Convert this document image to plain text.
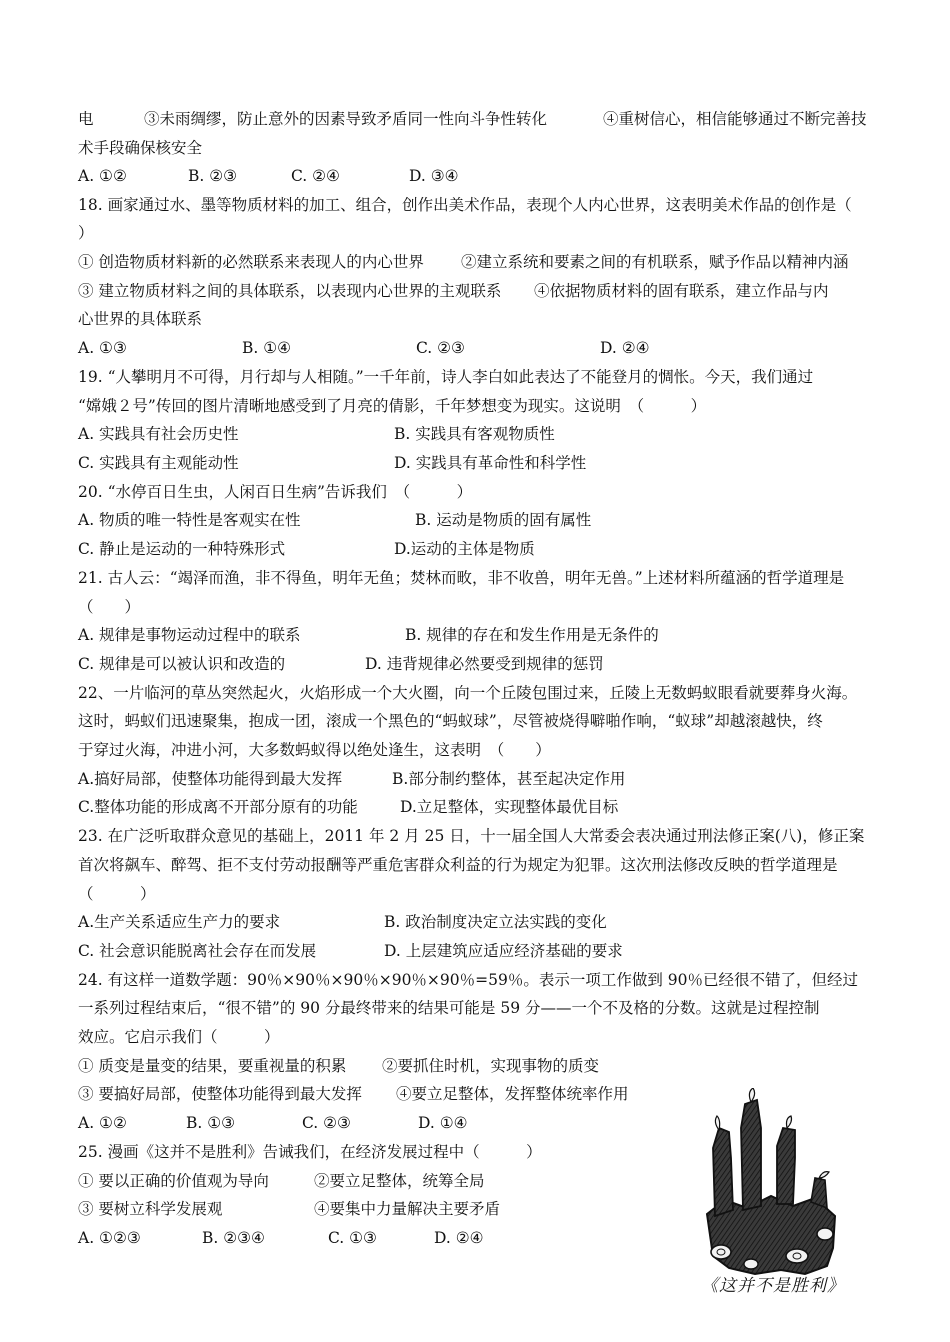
电	③未雨绸缪，防止意外的因素导致矛盾同一性向斗争性转化	④重树信心，相信能够通过不断完善技
术手段确保核安全
A. ①②	B. ②③	C. ②④	D. ③④
18. 画家通过水、墨等物质材料的加工、组合，创作出美术作品，表现个人内心世界，这表明美术作品的创作是（
）
① 创造物质材料新的必然联系来表现人的内心世界 ②建立系统和要素之间的有机联系，赋予作品以精神内涵
③ 建立物质材料之间的具体联系，以表现内心世界的主观联系 ④依据物质材料的固有联系，建立作品与内
心世界的具体联系
A. ①③	B. ①④	C. ②③	D. ②④
19. “人攀明月不可得，月行却与人相随。”一千年前，诗人李白如此表达了不能登月的惆怅。今天，我们通过
“嫦娥２号”传回的图片清晰地感受到了月亮的倩影，千年梦想变为现实。这说明　（　　　）
A. 实践具有社会历史性	B. 实践具有客观物质性
C. 实践具有主观能动性	D. 实践具有革命性和科学性
20. “水停百日生虫，人闲百日生病”告诉我们　（　　　）
A. 物质的唯一特性是客观实在性	B. 运动是物质的固有属性
C. 静止是运动的一种特殊形式	D.运动的主体是物质
21. 古人云：“竭泽而渔，非不得鱼，明年无鱼；焚林而畋，非不收兽，明年无兽。”上述材料所蕴涵的哲学道理是
（　　）
A. 规律是事物运动过程中的联系	B. 规律的存在和发生作用是无条件的
C. 规律是可以被认识和改造的	D. 违背规律必然要受到规律的惩罚
22、一片临河的草丛突然起火，火焰形成一个大火圈，向一个丘陵包围过来，丘陵上无数蚂蚁眼看就要葬身火海。
这时，蚂蚁们迅速聚集，抱成一团，滚成一个黑色的“蚂蚁球”，尽管被烧得噼啪作响，“蚁球”却越滚越快，终
于穿过火海，冲进小河，大多数蚂蚁得以绝处逢生，这表明　（　　）
A.搞好局部，使整体功能得到最大发挥	B.部分制约整体，甚至起决定作用
C.整体功能的形成离不开部分原有的功能	D.立足整体，实现整体最优目标
23. 在广泛听取群众意见的基础上，2011 年 2 月 25 日，十一届全国人大常委会表决通过刑法修正案(八)，修正案
首次将飙车、醉驾、拒不支付劳动报酬等严重危害群众利益的行为规定为犯罪。这次刑法修改反映的哲学道理是
（　　　）
A.生产关系适应生产力的要求	B. 政治制度决定立法实践的变化
C. 社会意识能脱离社会存在而发展	D. 上层建筑应适应经济基础的要求
24. 有这样一道数学题：90％×90％×90％×90％×90％=59％。表示一项工作做到 90％已经很不错了，但经过
一系列过程结束后，“很不错”的 90 分最终带来的结果可能是 59 分——一个不及格的分数。这就是过程控制
效应。它启示我们（　　　）
① 质变是量变的结果，要重视量的积累 ②要抓住时机，实现事物的质变
③ 要搞好局部，使整体功能得到最大发挥 ④要立足整体，发挥整体统率作用
A. ①②	B. ①③	C. ②③	D. ①④
25. 漫画《这并不是胜利》告诫我们，在经济发展过程中（　　　）
① 要以正确的价值观为导向	②要立足整体，统筹全局
③ 要树立科学发展观	④要集中力量解决主要矛盾
A. ①②③	B. ②③④	C. ①③	D. ②④
《这并不是胜利》
